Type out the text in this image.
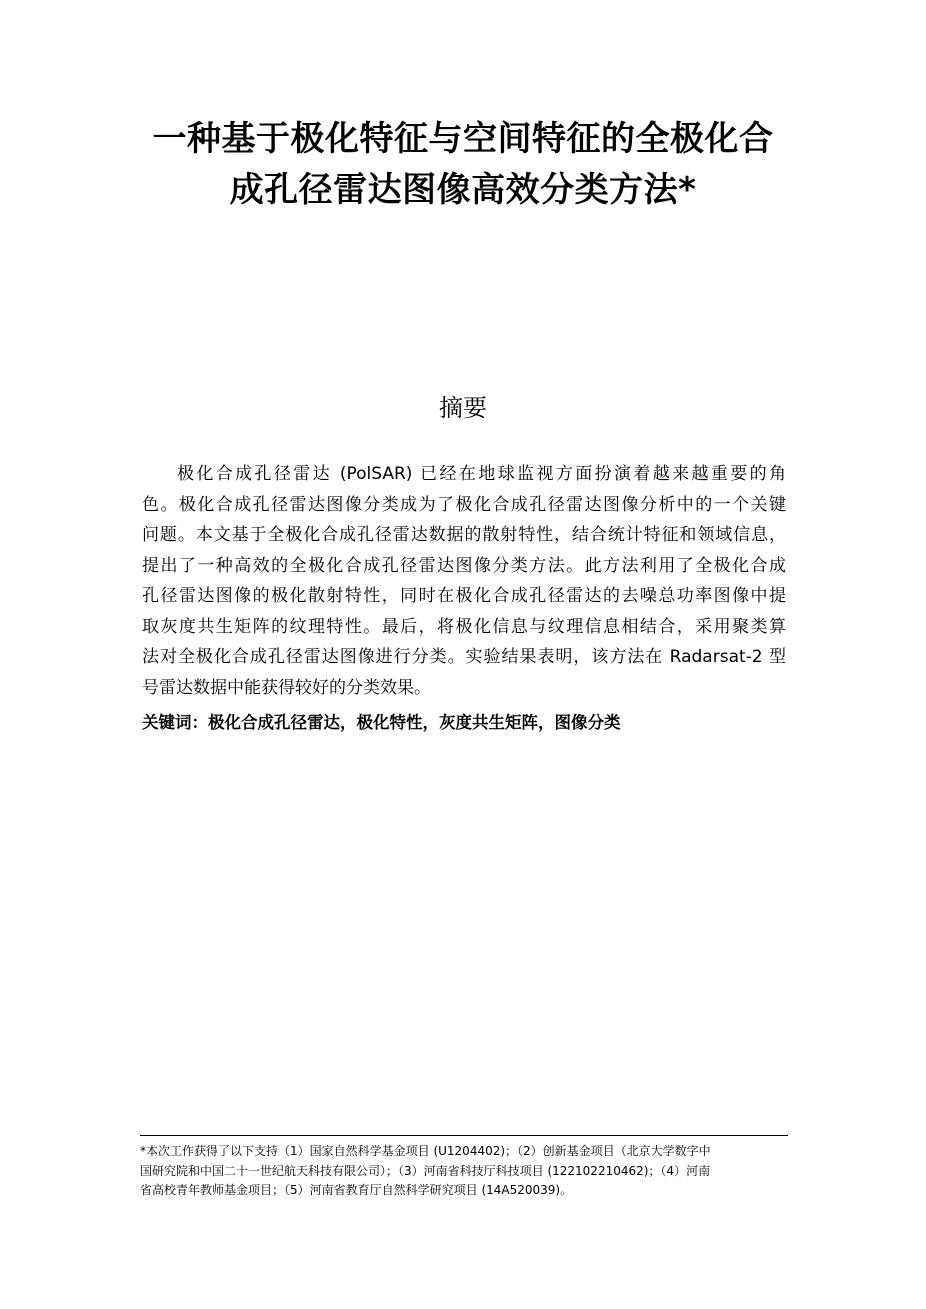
一种基于极化特征与空间特征的全极化合
成孔径雷达图像高效分类方法*
摘要
极化合成孔径雷达 (PolSAR) 已经在地球监视方面扮演着越来越重要的角
色。极化合成孔径雷达图像分类成为了极化合成孔径雷达图像分析中的一个关键
问题。本文基于全极化合成孔径雷达数据的散射特性，结合统计特征和领域信息，
提出了一种高效的全极化合成孔径雷达图像分类方法。此方法利用了全极化合成
孔径雷达图像的极化散射特性，同时在极化合成孔径雷达的去噪总功率图像中提
取灰度共生矩阵的纹理特性。最后，将极化信息与纹理信息相结合，采用聚类算
法对全极化合成孔径雷达图像进行分类。实验结果表明，该方法在 Radarsat-2 型
号雷达数据中能获得较好的分类效果。

关键词：极化合成孔径雷达，极化特性，灰度共生矩阵，图像分类

*本次工作获得了以下支持（1）国家自然科学基金项目 (U1204402)；（2）创新基金项目（北京大学数字中
国研究院和中国二十一世纪航天科技有限公司）；（3）河南省科技厅科技项目 (122102210462)；（4）河南
省高校青年教师基金项目；（5）河南省教育厅自然科学研究项目 (14A520039)。
